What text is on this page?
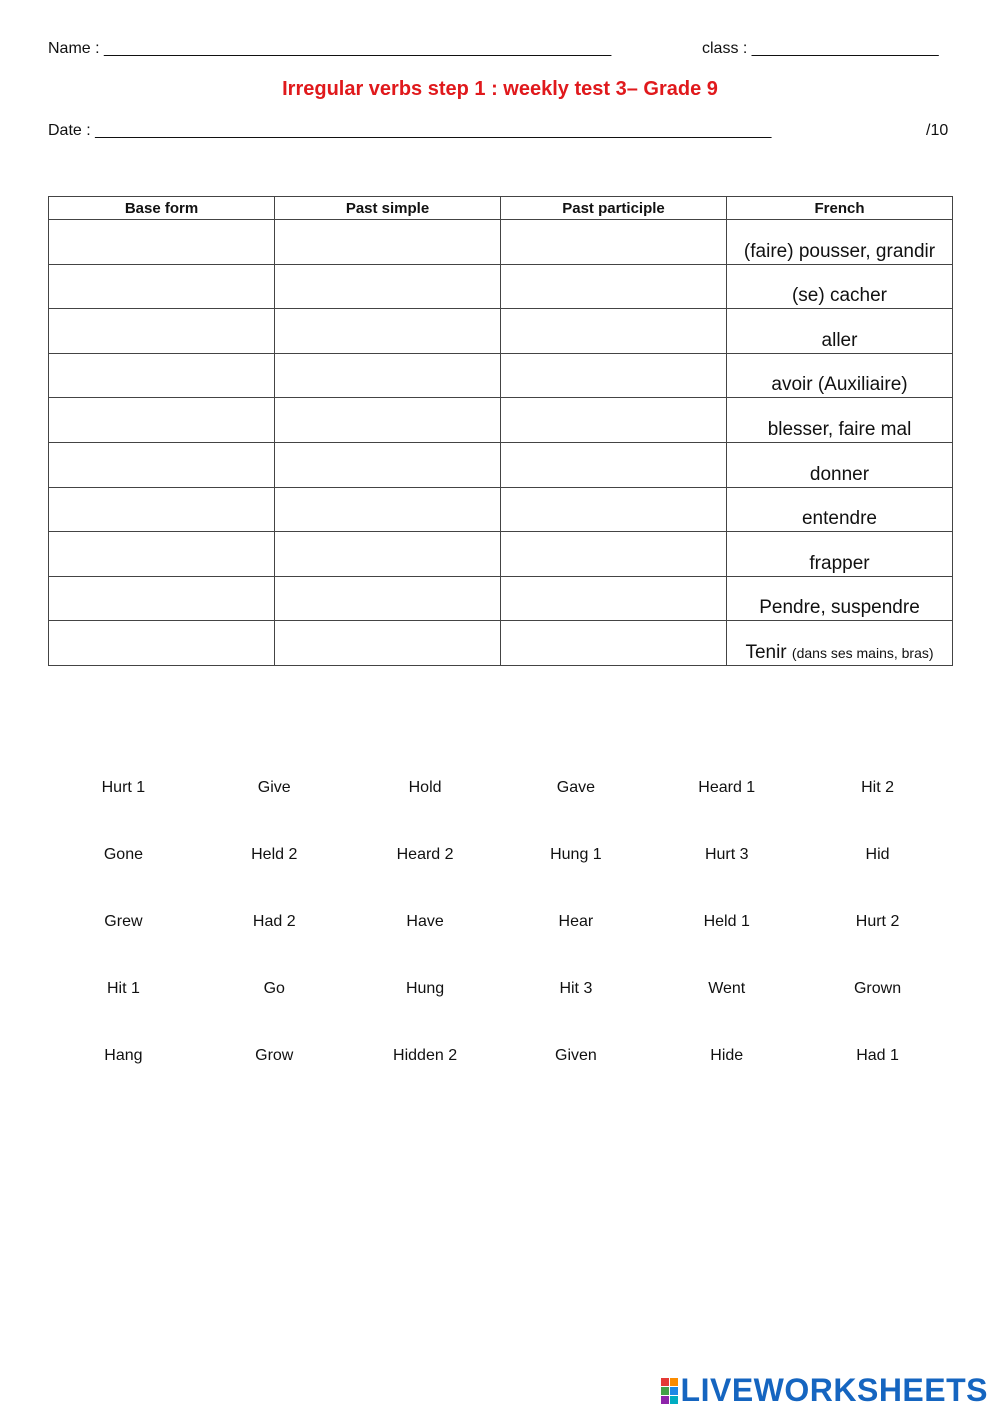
Name : _________________________________________________________	class : _____________________
Irregular verbs step 1 : weekly test 3– Grade 9
Date : ____________________________________________________________________________	/10
Base form	Past simple	Past participle	French
			(faire) pousser, grandir
			(se) cacher
			aller
			avoir (Auxiliaire)
			blesser, faire mal
			donner
			entendre
			frapper
			Pendre, suspendre
			Tenir (dans ses mains, bras)
Hurt 1	Give	Hold	Gave	Heard 1	Hit 2
Gone	Held 2	Heard 2	Hung 1	Hurt 3	Hid
Grew	Had 2	Have	Hear	Held 1	Hurt 2
Hit 1	Go	Hung	Hit 3	Went	Grown
Hang	Grow	Hidden 2	Given	Hide	Had 1
LIVEWORKSHEETS
